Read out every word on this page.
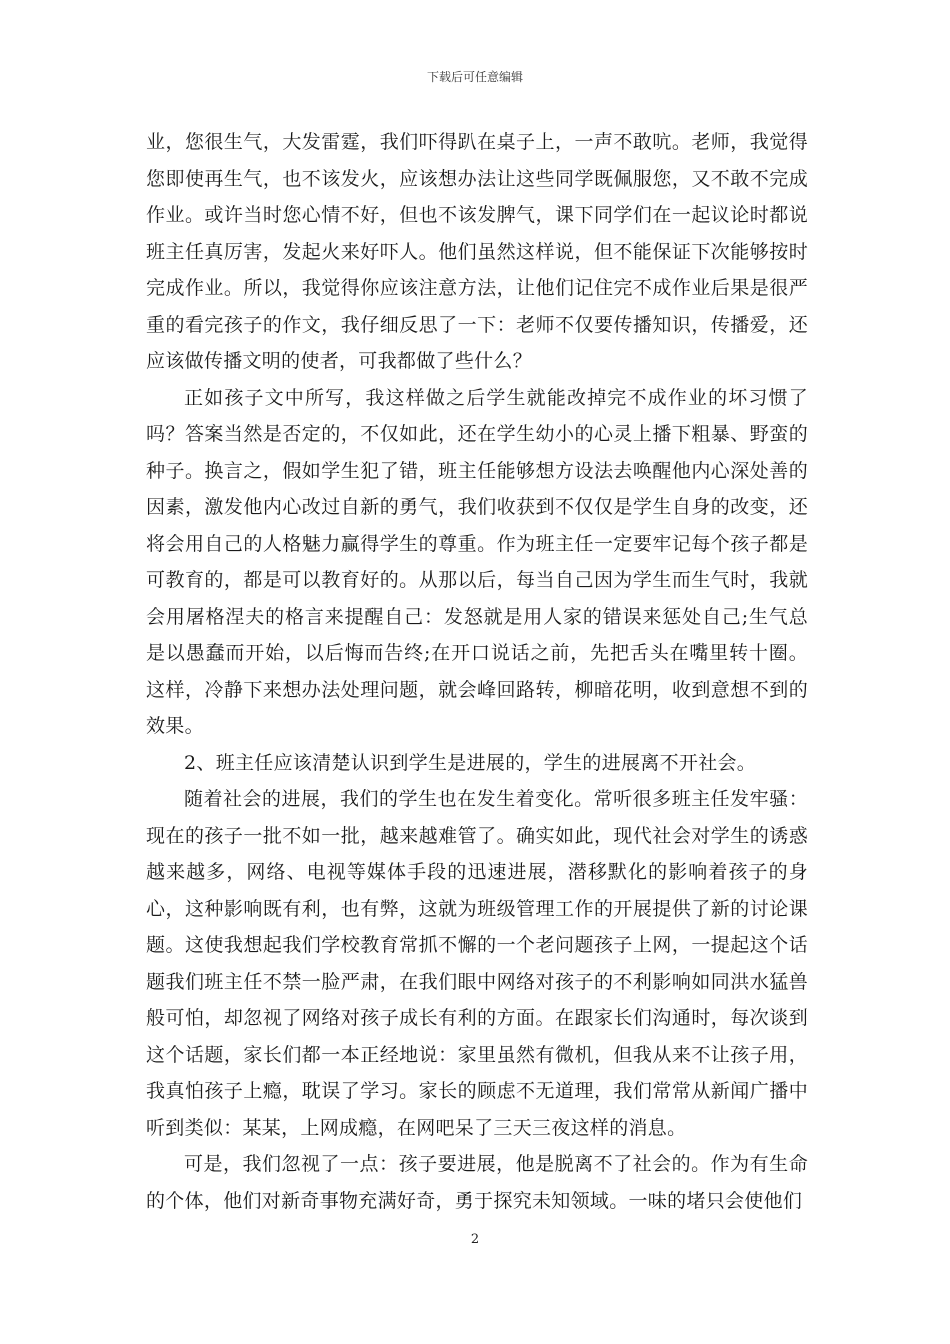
下载后可任意编辑

业，您很生气，大发雷霆，我们吓得趴在桌子上，一声不敢吭。老师，我觉得您即使再生气，也不该发火，应该想办法让这些同学既佩服您，又不敢不完成作业。或许当时您心情不好，但也不该发脾气，课下同学们在一起议论时都说班主任真厉害，发起火来好吓人。他们虽然这样说，但不能保证下次能够按时完成作业。所以，我觉得你应该注意方法，让他们记住完不成作业后果是很严重的看完孩子的作文，我仔细反思了一下：老师不仅要传播知识，传播爱，还应该做传播文明的使者，可我都做了些什么？

正如孩子文中所写，我这样做之后学生就能改掉完不成作业的坏习惯了吗？答案当然是否定的，不仅如此，还在学生幼小的心灵上播下粗暴、野蛮的种子。换言之，假如学生犯了错，班主任能够想方设法去唤醒他内心深处善的因素，激发他内心改过自新的勇气，我们收获到不仅仅是学生自身的改变，还将会用自己的人格魅力赢得学生的尊重。作为班主任一定要牢记每个孩子都是可教育的，都是可以教育好的。从那以后，每当自己因为学生而生气时，我就会用屠格涅夫的格言来提醒自己：发怒就是用人家的错误来惩处自己;生气总是以愚蠢而开始，以后悔而告终;在开口说话之前，先把舌头在嘴里转十圈。这样，冷静下来想办法处理问题，就会峰回路转，柳暗花明，收到意想不到的效果。

2、班主任应该清楚认识到学生是进展的，学生的进展离不开社会。

随着社会的进展，我们的学生也在发生着变化。常听很多班主任发牢骚：现在的孩子一批不如一批，越来越难管了。确实如此，现代社会对学生的诱惑越来越多，网络、电视等媒体手段的迅速进展，潜移默化的影响着孩子的身心，这种影响既有利，也有弊，这就为班级管理工作的开展提供了新的讨论课题。这使我想起我们学校教育常抓不懈的一个老问题孩子上网，一提起这个话题我们班主任不禁一脸严肃，在我们眼中网络对孩子的不利影响如同洪水猛兽般可怕，却忽视了网络对孩子成长有利的方面。在跟家长们沟通时，每次谈到这个话题，家长们都一本正经地说：家里虽然有微机，但我从来不让孩子用，我真怕孩子上瘾，耽误了学习。家长的顾虑不无道理，我们常常从新闻广播中听到类似：某某，上网成瘾，在网吧呆了三天三夜这样的消息。

可是，我们忽视了一点：孩子要进展，他是脱离不了社会的。作为有生命的个体，他们对新奇事物充满好奇，勇于探究未知领域。一味的堵只会使他们

2
